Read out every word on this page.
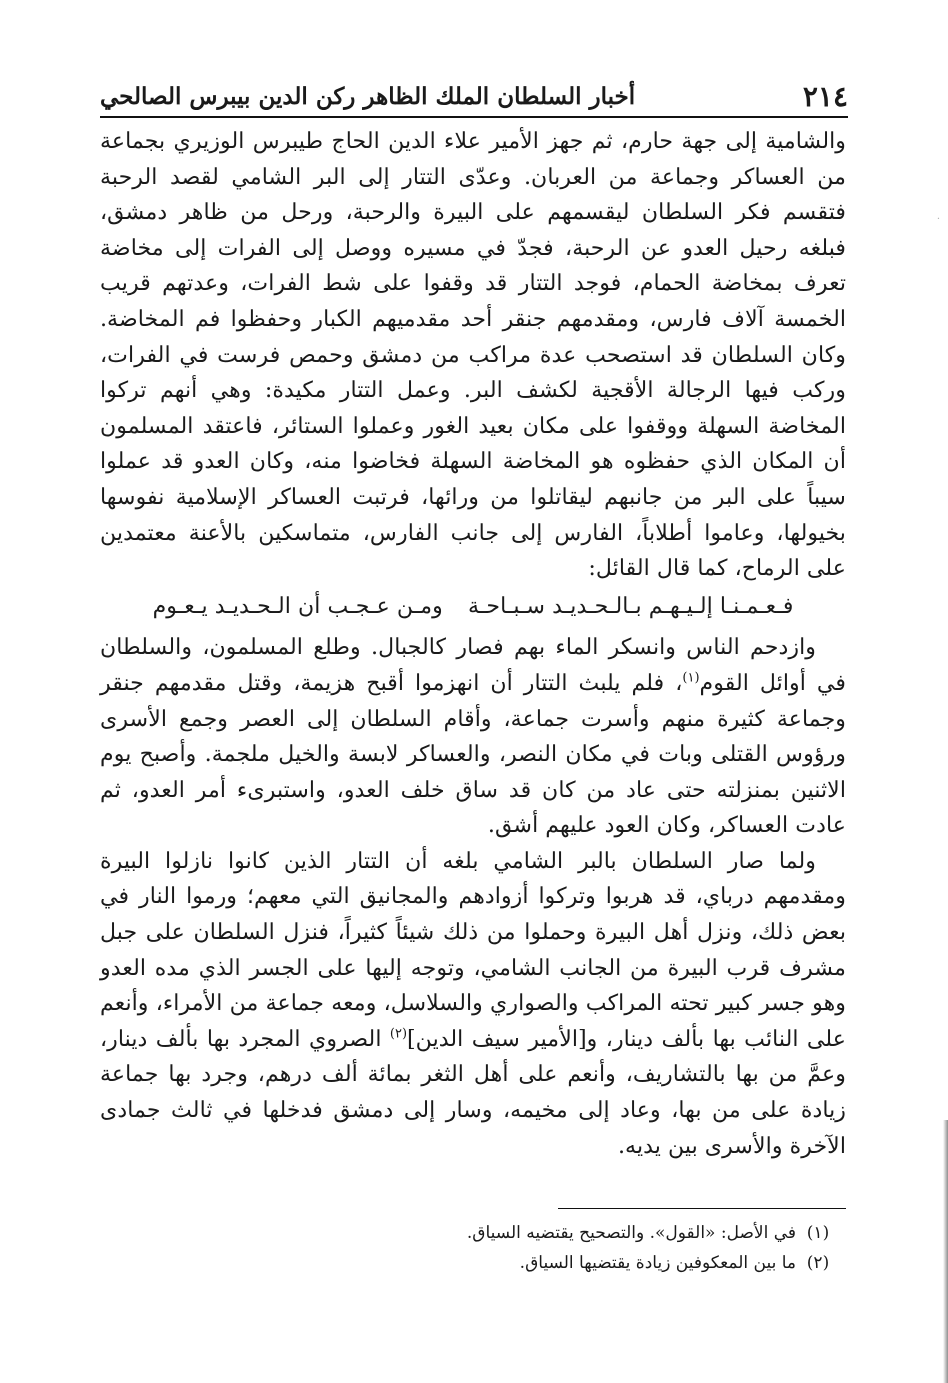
٢١٤
أخبار السلطان الملك الظاهر ركن الدين بيبرس الصالحي

والشامية إلى جهة حارم، ثم جهز الأمير علاء الدين الحاج طيبرس الوزيري بجماعة من العساكر وجماعة من العربان. وعدّى التتار إلى البر الشامي لقصد الرحبة فتقسم فكر السلطان ليقسمهم على البيرة والرحبة، ورحل من ظاهر دمشق، فبلغه رحيل العدو عن الرحبة، فجدّ في مسيره ووصل إلى الفرات إلى مخاضة تعرف بمخاضة الحمام، فوجد التتار قد وقفوا على شط الفرات، وعدتهم قريب الخمسة آلاف فارس، ومقدمهم جنقر أحد مقدميهم الكبار وحفظوا فم المخاضة. وكان السلطان قد استصحب عدة مراكب من دمشق وحمص فرست في الفرات، وركب فيها الرجالة الأقجية لكشف البر. وعمل التتار مكيدة: وهي أنهم تركوا المخاضة السهلة ووقفوا على مكان بعيد الغور وعملوا الستائر، فاعتقد المسلمون أن المكان الذي حفظوه هو المخاضة السهلة فخاضوا منه، وكان العدو قد عملوا سيباً على البر من جانبهم ليقاتلوا من ورائها، فرتبت العساكر الإسلامية نفوسها بخيولها، وعاموا أطلاباً، الفارس إلى جانب الفارس، متماسكين بالأعنة معتمدين على الرماح، كما قال القائل:

فـعـمـنـا إلـيـهـم بـالـحـديـد سـبـاحـة
ومـن عـجـب أن الـحـديـد يـعـوم

وازدحم الناس وانسكر الماء بهم فصار كالجبال. وطلع المسلمون، والسلطان في أوائل القوم$^{(١)}$، فلم يلبث التتار أن انهزموا أقبح هزيمة، وقتل مقدمهم جنقر وجماعة كثيرة منهم وأسرت جماعة، وأقام السلطان إلى العصر وجمع الأسرى ورؤوس القتلى وبات في مكان النصر، والعساكر لابسة والخيل ملجمة. وأصبح يوم الاثنين بمنزلته حتى عاد من كان قد ساق خلف العدو، واستبرىء أمر العدو، ثم عادت العساكر، وكان العود عليهم أشق.

ولما صار السلطان بالبر الشامي بلغه أن التتار الذين كانوا نازلوا البيرة ومقدمهم درباي، قد هربوا وتركوا أزوادهم والمجانيق التي معهم؛ ورموا النار في بعض ذلك، ونزل أهل البيرة وحملوا من ذلك شيئاً كثيراً، فنزل السلطان على جبل مشرف قرب البيرة من الجانب الشامي، وتوجه إليها على الجسر الذي مده العدو وهو جسر كبير تحته المراكب والصواري والسلاسل، ومعه جماعة من الأمراء، وأنعم على النائب بها بألف دينار، و[الأمير سيف الدين]$^{(٢)}$ الصروي المجرد بها بألف دينار، وعمَّ من بها بالتشاريف، وأنعم على أهل الثغر بمائة ألف درهم، وجرد بها جماعة زيادة على من بها، وعاد إلى مخيمه، وسار إلى دمشق فدخلها في ثالث جمادى الآخرة والأسرى بين يديه.

(١)
في الأصل: «القول». والتصحيح يقتضيه السياق.
(٢)
ما بين المعكوفين زيادة يقتضيها السياق.
·
